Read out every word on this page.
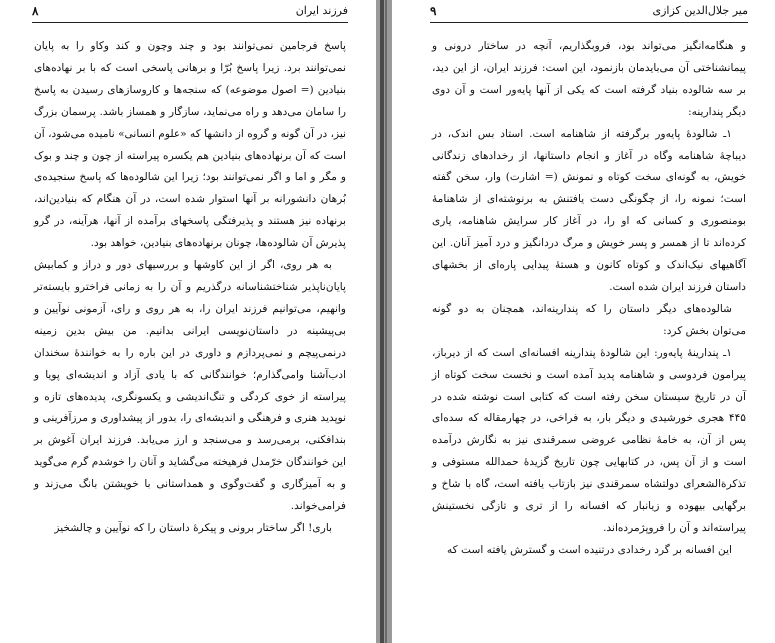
فرزند ایران
۸

پاسخ فرجامین نمی‌توانند بود و چند وچون و کند وکاو را به پایان نمی‌توانند برد. زیرا پاسخ بُرّا و برهانی پاسخی است که با بر نهاده‌های بنیادین (= اصول موضوعه) که سنجه‌ها و کاروسازهای رسیدن به پاسخ را سامان می‌دهد و راه می‌نماید، سازگار و همساز باشد. پرسمان بزرگ نیز، در آن گونه و گروه از دانشها که «علوم انسانی» نامیده می‌شود، آن است که آن برنهاده‌های بنیادین هم یکسره پیراسته از چون و چند و بوک و مگر و اما و اگر نمی‌توانند بود؛ زیرا این شالوده‌ها که پاسخ سنجیده‌ی بُرهان دانشورانه بر آنها استوار شده است، در آن هنگام که بنیادین‌اند، برنهاده نیز هستند و پذیرفتگی پاسخهای برآمده از آنها، هرآینه، در گرو پذیرش آن شالوده‌ها، چونان برنهاده‌های بنیادین، خواهد بود.

به هر روی، اگر از این کاوشها و بررسیهای دور و دراز و کمابیش پایان‌ناپذیر شناختشناسانه درگذریم و آن را به زمانی فراخترو بایسته‌تر وانهیم، می‌توانیم فرزند ایران را، به هر روی و رای، آزمونی نوآیین و بی‌پیشینه در داستان‌نویسی ایرانی بدانیم. من بیش بدین زمینه درنمی‌پیچم و نمی‌پردازم و داوری در این باره را به خوانندهٔ سخندان ادب‌آشنا وامی‌گذارم؛ خوانندگانی که با یادی آزاد و اندیشه‌ای پویا و پیراسته از خوی کردگی و تنگ‌اندیشی و یکسونگری، پدیده‌های تازه و نوپدید هنری و فرهنگی و اندیشه‌ای را، بدور از پیشداوری و مرزآفرینی و بندافکنی، برمی‌رسد و می‌سنجد و ارز می‌یابد. فرزند ایران آغوش بر این خوانندگان خرّمدل فرهیخته می‌گشاید و آنان را خوشدم گرم می‌گوید و به آمیزگاری و گفت‌وگوی و همداستانی با خویشتن بانگ می‌زند و فرامی‌خواند.

باری! اگر ساختار برونی و پیکرهٔ داستان را که نوآیین و چالشخیز

میر جلال‌الدین کزازی
۹

و هنگامه‌انگیز می‌تواند بود، فروبگذاریم، آنچه در ساختار درونی و پیمانشناختی آن می‌بایدمان بازنمود، این است: فرزند ایران، از این دید، بر سه شالوده بنیاد گرفته است که یکی از آنها پایه‌ور است و آن دوی دیگر پندارینه:

۱ـ شالودهٔ پایه‌ور برگرفته از شاهنامه است. استاد بس اندک، در دیباچهٔ شاهنامه وگاه در آغاز و انجام داستانها، از رخدادهای زندگانی خویش، به گونه‌ای سخت کوتاه و نمونش (= اشارت) وار، سخن گفته است؛ نمونه را، از چگونگی دست یافتنش به برنوشته‌ای از شاهنامهٔ بومنصوری و کسانی که او را، در آغاز کار سرایش شاهنامه، یاری کرده‌اند تا از همسر و پسر خویش و مرگ دردانگیز و درد آمیز آنان. این آگاهیهای نیک‌اندک و کوتاه کانون و هستهٔ پیدایی پاره‌ای از بخشهای داستان فرزند ایران شده است.

شالوده‌های دیگر داستان را که پندارینه‌اند، همچنان به دو گونه می‌توان بخش کرد:

۱ـ پندارینهٔ پایه‌ور: این شالودهٔ پندارینه افسانه‌ای است که از دیرباز، پیرامون فردوسی و شاهنامه پدید آمده است و نخست سخت کوتاه از آن در تاریخ سیستان سخن رفته است که کتابی است نوشته شده در ۴۴۵ هجری خورشیدی و دیگر بار، به فراخی، در چهارمقاله که سده‌ای پس از آن، به خامهٔ نظامی عروضی سمرقندی نیز به نگارش درآمده است و از آن پس، در کتابهایی چون تاریخ گزیدهٔ حمدالله مستوفی و تذکرةالشعرای دولتشاه سمرقندی نیز بازتاب یافته است، گاه با شاخ و برگهایی بیهوده و زیانبار که افسانه را از تری و تازگی نخستینش پیراسته‌اند و آن را فروپژمرده‌اند.

این افسانه بر گرد رخدادی درتنیده است و گسترش یافته است که
